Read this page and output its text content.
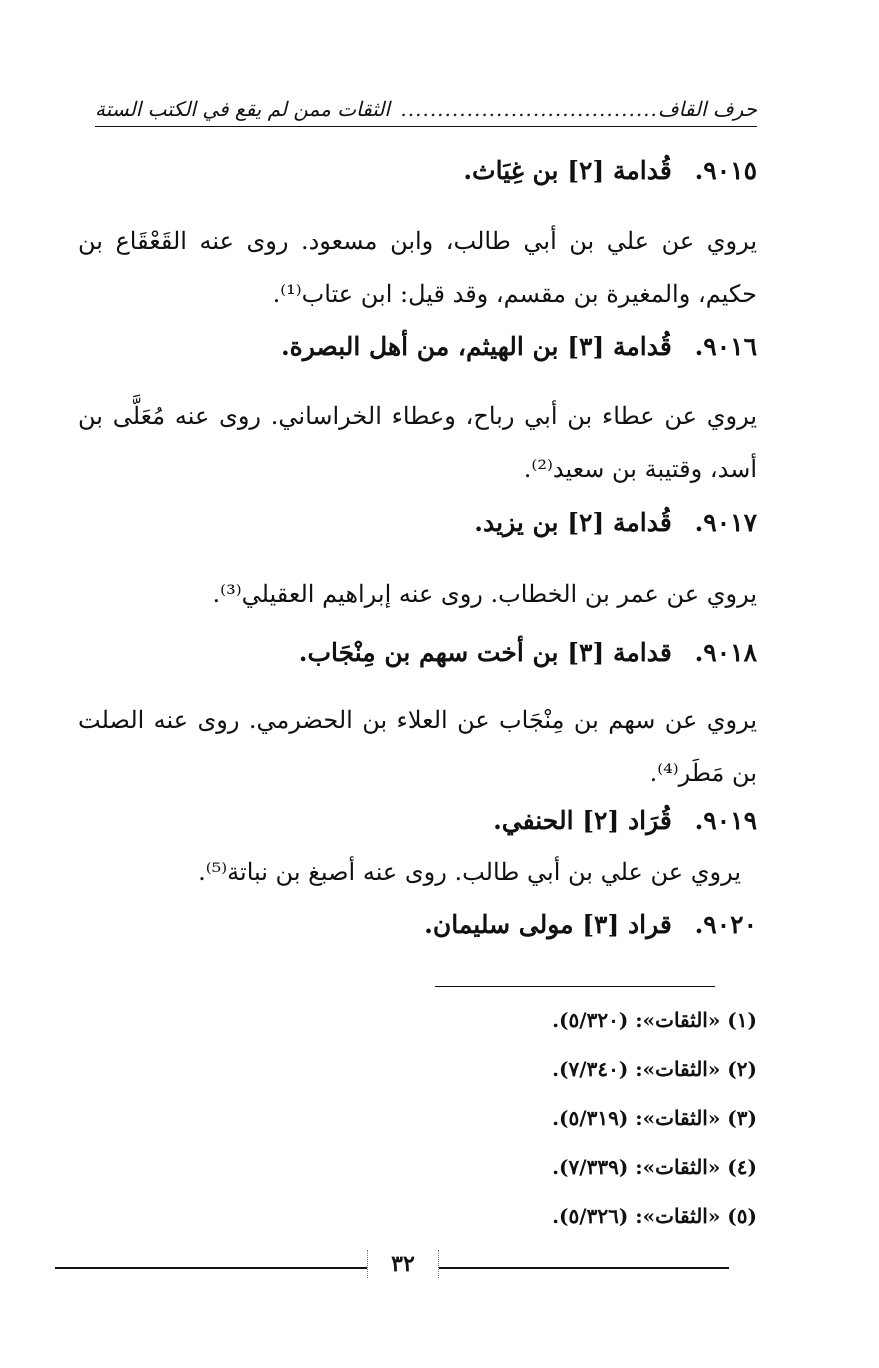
حرف القاف
...................................
الثقات ممن لم يقع في الكتب الستة
٩٠١٥. قُدامة [٢] بن غِيَاث.
يروي عن علي بن أبي طالب، وابن مسعود. روى عنه القَعْقَاع بن حكيم، والمغيرة بن مقسم، وقد قيل: ابن عتاب⁽¹⁾.
٩٠١٦. قُدامة [٣] بن الهيثم، من أهل البصرة.
يروي عن عطاء بن أبي رباح، وعطاء الخراساني. روى عنه مُعَلَّى بن أسد، وقتيبة بن سعيد⁽²⁾.
٩٠١٧. قُدامة [٢] بن يزيد.
يروي عن عمر بن الخطاب. روى عنه إبراهيم العقيلي⁽³⁾.
٩٠١٨. قدامة [٣] بن أخت سهم بن مِنْجَاب.
يروي عن سهم بن مِنْجَاب عن العلاء بن الحضرمي. روى عنه الصلت بن مَطَر⁽⁴⁾.
٩٠١٩. قُرَاد [٢] الحنفي.
يروي عن علي بن أبي طالب. روى عنه أصبغ بن نباتة⁽⁵⁾.
٩٠٢٠. قراد [٣] مولى سليمان.
(١) «الثقات»: (٥/٣٢٠).
(٢) «الثقات»: (٧/٣٤٠).
(٣) «الثقات»: (٥/٣١٩).
(٤) «الثقات»: (٧/٣٣٩).
(٥) «الثقات»: (٥/٣٢٦).
٣٢
